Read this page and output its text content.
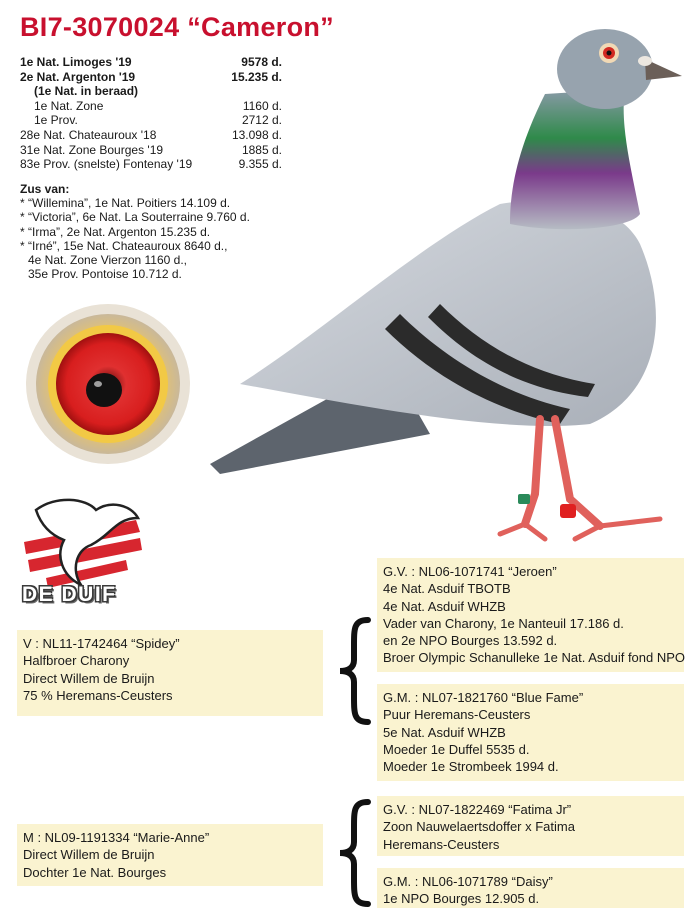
BI7-3070024 “Cameron”
1e Nat. Limoges '19	9578 d.
2e Nat. Argenton '19	15.235 d.
(1e Nat. in beraad)
1e Nat. Zone	1160 d.
1e Prov.	2712 d.
28e Nat. Chateauroux '18	13.098 d.
31e Nat. Zone Bourges '19	1885 d.
83e Prov. (snelste) Fontenay '19	9.355 d.
Zus van:
* “Willemina”, 1e Nat. Poitiers 14.109 d.
* “Victoria”, 6e Nat. La Souterraine 9.760 d.
* “Irma”, 2e Nat. Argenton 15.235 d.
* “Irné”, 15e Nat. Chateauroux 8640 d.,
4e Nat. Zone Vierzon 1160 d.,
35e Prov. Pontoise 10.712 d.
DE DUIF
V : NL11-1742464 “Spidey”
Halfbroer Charony
Direct Willem de Bruijn
75 % Heremans-Ceusters
G.V. : NL06-1071741 “Jeroen”
4e Nat. Asduif TBOTB
4e Nat. Asduif WHZB
Vader van Charony, 1e Nanteuil 17.186 d.
en 2e NPO Bourges 13.592 d.
Broer Olympic Schanulleke 1e Nat. Asduif fond NPO
G.M. : NL07-1821760 “Blue Fame”
Puur Heremans-Ceusters
5e Nat. Asduif WHZB
Moeder 1e Duffel 5535 d.
Moeder 1e Strombeek 1994 d.
M : NL09-1191334 “Marie-Anne”
Direct Willem de Bruijn
Dochter 1e Nat. Bourges
G.V. : NL07-1822469 “Fatima Jr”
Zoon Nauwelaertsdoffer x Fatima
Heremans-Ceusters
G.M. : NL06-1071789 “Daisy”
1e NPO Bourges 12.905 d.
